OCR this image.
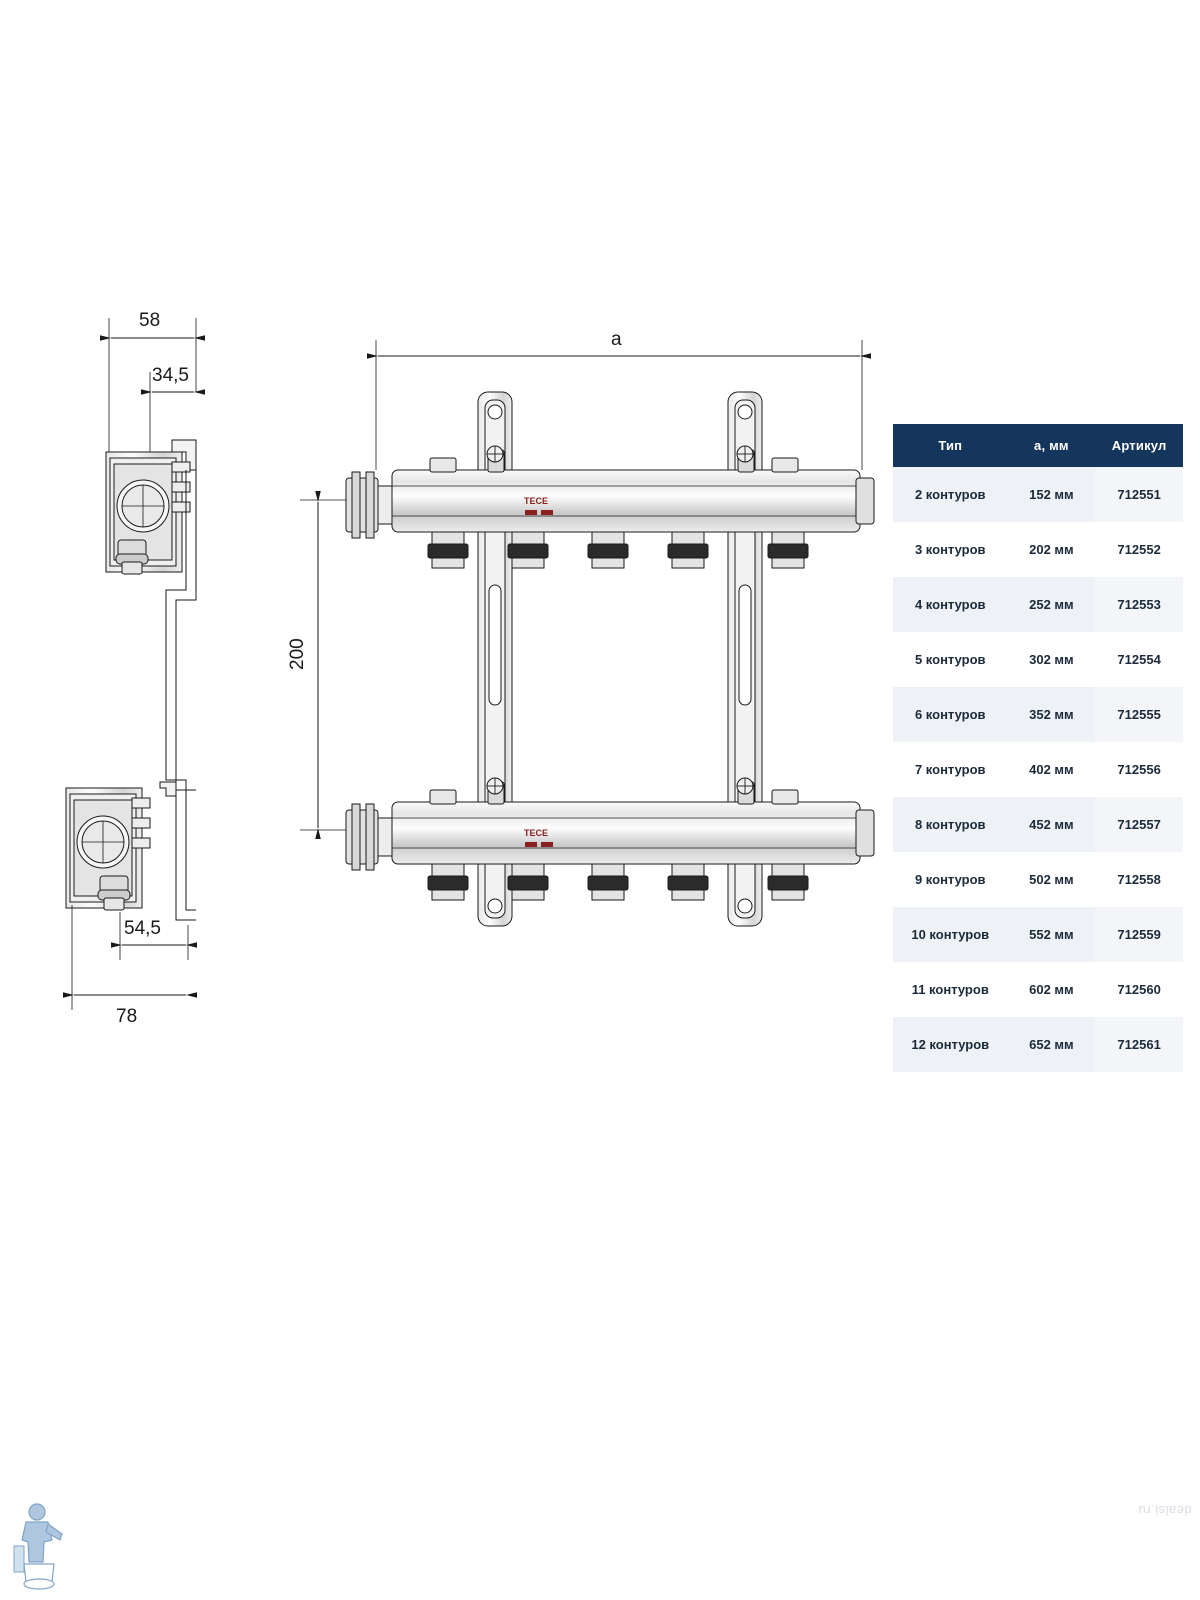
TECE
TECE
58
34,5
a
200
54,5
78
Тип	a, мм	Артикул
2 контуров	152 мм	712551
3 контуров	202 мм	712552
4 контуров	252 мм	712553
5 контуров	302 мм	712554
6 контуров	352 мм	712555
7 контуров	402 мм	712556
8 контуров	452 мм	712557
9 контуров	502 мм	712558
10 контуров	552 мм	712559
11 контуров	602 мм	712560
12 контуров	652 мм	712561
dealsi.ru
